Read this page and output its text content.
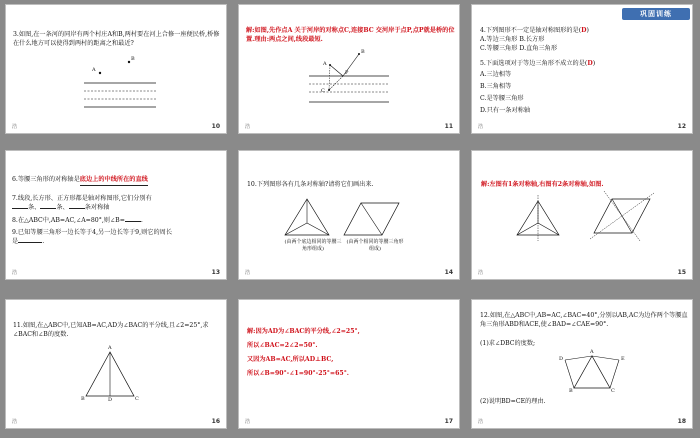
3.如图,在一条河的同岸有两个村庄A和B,两村要在河上合修一座便民桥,桥修在什么地方可以使得到两村的距离之和最近?
A
B
浩	10
解:如图,先作点A 关于河岸的对称点C,连接BC 交河岸于点P,点P就是桥的位置.理由:两点之间,线段最短.
A
B
P
C
浩	11
巩固训练
4.下列图形不一定是轴对称图形的是(D)
A.等边三角形 B.长方形
C.等腰三角形 D.直角三角形
5.下面选项对于等边三角形不成立的是(D)
A.三边相等
B.三角相等
C.是等腰三角形
D.只有一条对称轴
浩	12
6.等腰三角形的对称轴是底边上的中线所在的直线
7.线段,长方形、正方形都是轴对称图形,它们分别有
条、	条、	条对称轴
8.在△ABC中,AB=AC,∠A=80°,则∠B=	.
9.已知等腰三角形一边长等于4,另一边长等于9,则它的周长
是	.
浩	13
10.下列图形各有几条对称轴?请将它们画出来.
(由两个底边相同的等腰三角形组成)
(由两个相同的等腰三角形组成)
浩	14
解:左图有1条对称轴,右图有2条对称轴,如图.
浩	15
11.如图,在△ABC中,已知AB=AC,AD为∠BAC的平分线,且∠2=25°,求∠BAC和∠B的度数.
A
B	C
D
浩	16
解:因为AD为∠BAC的平分线,∠2=25°,
所以∠BAC=2∠2=50°.
又因为AB=AC,所以AD⊥BC,
所以∠B=90°-∠1=90°-25°=65°.
浩	17
12.如图,在△ABC中,AB=AC,∠BAC=40°,分别以AB,AC为边作两个等腰直角三角形ABD和ACE,使∠BAD=∠CAE=90°.
(1)求∠DBC的度数;
A
B	C
D	E
(2)说明BD=CE的理由.
浩	18
